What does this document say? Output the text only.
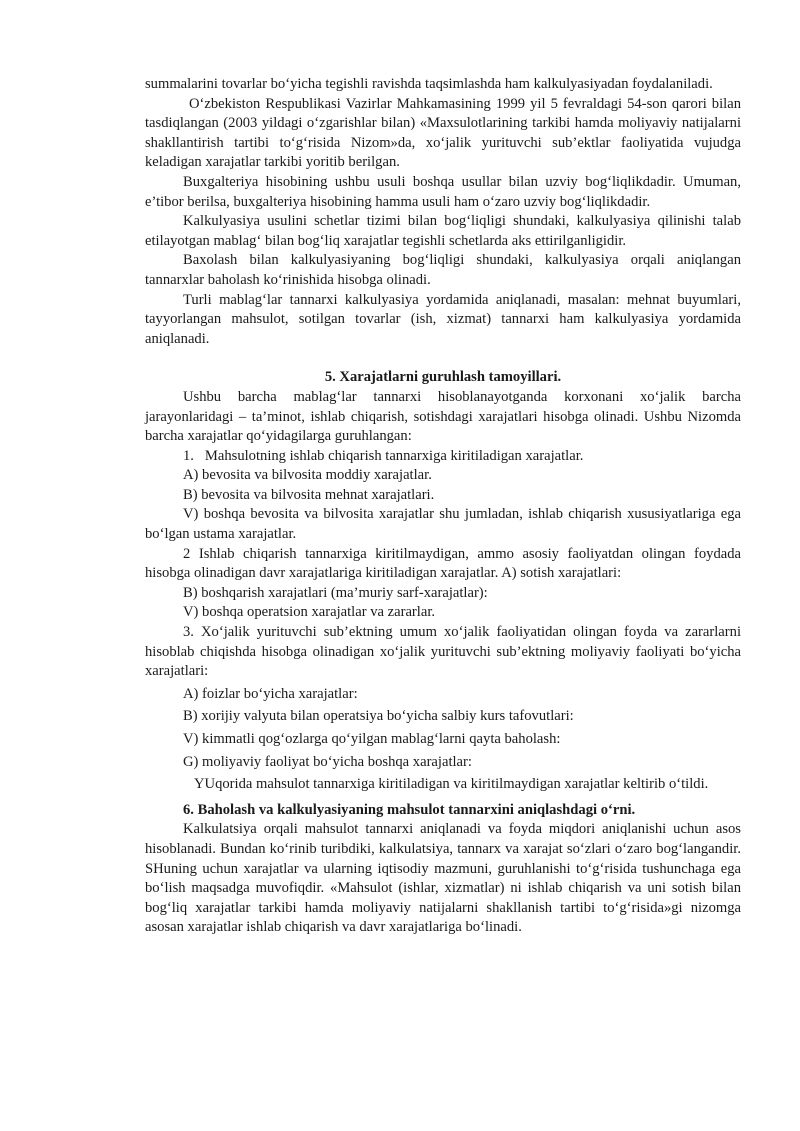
summalarini tovarlar bo‘yicha tegishli ravishda taqsimlashda ham kalkulyasiyadan foydalaniladi.

O‘zbekiston Respublikasi Vazirlar Mahkamasining 1999 yil 5 fevraldagi 54-son qarori bilan tasdiqlangan (2003 yildagi o‘zgarishlar bilan) «Maxsulotlarining tarkibi hamda moliyaviy natijalarni shakllantirish tartibi to‘g‘risida Nizom»da, xo‘jalik yurituvchi sub’ektlar faoliyatida vujudga keladigan xarajatlar tarkibi yoritib berilgan.

Buxgalteriya hisobining ushbu usuli boshqa usullar bilan uzviy bog‘liqlikdadir. Umuman, e’tibor berilsa, buxgalteriya hisobining hamma usuli ham o‘zaro uzviy bog‘liqlikdadir.

Kalkulyasiya usulini schetlar tizimi bilan bog‘liqligi shundaki, kalkulyasiya qilinishi talab etilayotgan mablag‘ bilan bog‘liq xarajatlar tegishli schetlarda aks ettirilganligidir.

Baxolash bilan kalkulyasiyaning bog‘liqligi shundaki, kalkulyasiya orqali aniqlangan tannarxlar baholash ko‘rinishida hisobga olinadi.

Turli mablag‘lar tannarxi kalkulyasiya yordamida aniqlanadi, masalan: mehnat buyumlari, tayyorlangan mahsulot, sotilgan tovarlar (ish, xizmat) tannarxi ham kalkulyasiya yordamida aniqlanadi.

5. Xarajatlarni guruhlash tamoyillari.

Ushbu barcha mablag‘lar tannarxi hisoblanayotganda korxonani xo‘jalik barcha jarayonlaridagi – ta’minot, ishlab chiqarish, sotishdagi xarajatlari hisobga olinadi. Ushbu Nizomda barcha xarajatlar qo‘yidagilarga guruhlangan:

1.   Mahsulotning ishlab chiqarish tannarxiga kiritiladigan xarajatlar.

A) bevosita va bilvosita moddiy xarajatlar.

B) bevosita va bilvosita mehnat xarajatlari.

V) boshqa bevosita va bilvosita xarajatlar shu jumladan, ishlab chiqarish xususiyatlariga ega bo‘lgan ustama xarajatlar.

2 Ishlab chiqarish tannarxiga kiritilmaydigan, ammo asosiy faoliyatdan olingan foydada hisobga olinadigan davr xarajatlariga kiritiladigan xarajatlar. A) sotish xarajatlari:

B) boshqarish xarajatlari (ma’muriy sarf-xarajatlar):

V) boshqa operatsion xarajatlar va zararlar.

3. Xo‘jalik yurituvchi sub’ektning umum xo‘jalik faoliyatidan olingan foyda va zararlarni hisoblab chiqishda hisobga olinadigan xo‘jalik yurituvchi sub’ektning moliyaviy faoliyati bo‘yicha xarajatlari:

A) foizlar bo‘yicha xarajatlar:

B) xorijiy valyuta bilan operatsiya bo‘yicha salbiy kurs tafovutlari:

V) kimmatli qog‘ozlarga qo‘yilgan mablag‘larni qayta baholash:

G) moliyaviy faoliyat bo‘yicha boshqa xarajatlar:

YUqorida mahsulot tannarxiga kiritiladigan va kiritilmaydigan xarajatlar keltirib o‘tildi.

6. Baholash va kalkulyasiyaning mahsulot tannarxini aniqlashdagi o‘rni.

Kalkulatsiya orqali mahsulot tannarxi aniqlanadi va foyda miqdori aniqlanishi uchun asos hisoblanadi. Bundan ko‘rinib turibdiki, kalkulatsiya, tannarx va xarajat so‘zlari o‘zaro bog‘langandir. SHuning uchun xarajatlar va ularning iqtisodiy mazmuni, guruhlanishi to‘g‘risida tushunchaga ega bo‘lish maqsadga muvofiqdir. «Mahsulot (ishlar, xizmatlar) ni ishlab chiqarish va uni sotish bilan bog‘liq xarajatlar tarkibi hamda moliyaviy natijalarni shakllanish tartibi to‘g‘risida»gi nizomga asosan xarajatlar ishlab chiqarish va davr xarajatlariga bo‘linadi.
